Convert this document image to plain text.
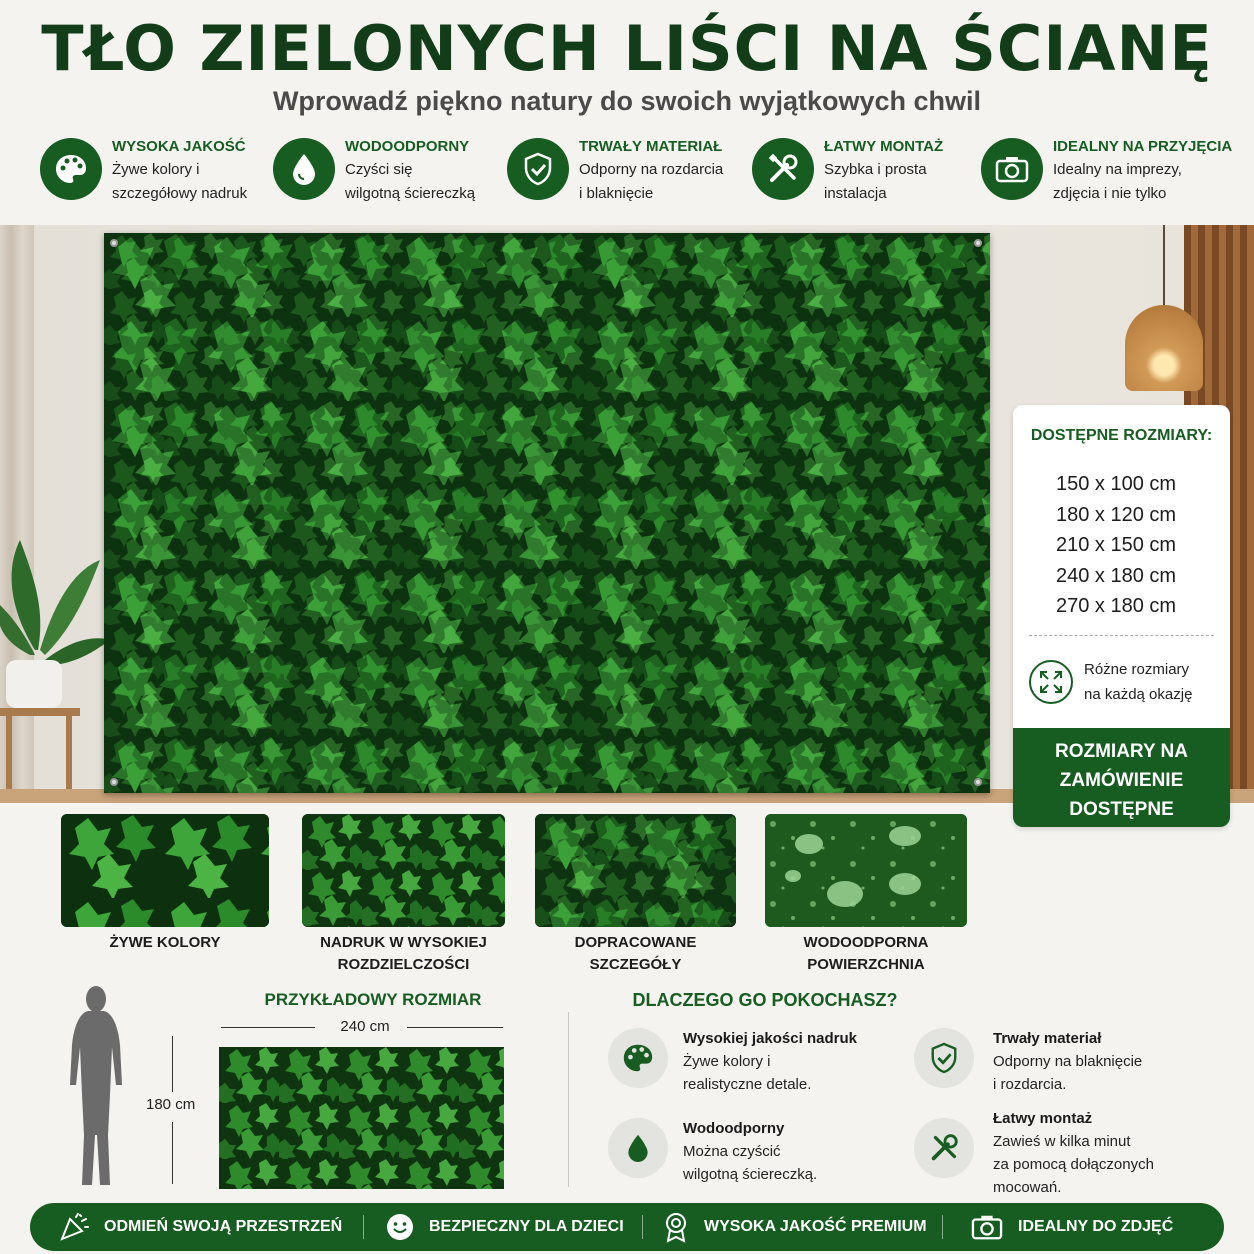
TŁO ZIELONYCH LIŚCI NA ŚCIANĘ
Wprowadź piękno natury do swoich wyjątkowych chwil
WYSOKA JAKOŚĆ
Żywe kolory i
szczegółowy nadruk
WODOODPORNY
Czyści się
wilgotną ściereczką
TRWAŁY MATERIAŁ
Odporny na rozdarcia
i blaknięcie
ŁATWY MONTAŻ
Szybka i prosta
instalacja
IDEALNY NA PRZYJĘCIA
Idealny na imprezy,
zdjęcia i nie tylko
DOSTĘPNE ROZMIARY:
150 x 100 cm
180 x 120 cm
210 x 150 cm
240 x 180 cm
270 x 180 cm
Różne rozmiary
na każdą okazję
ROZMIARY NA
ZAMÓWIENIE
DOSTĘPNE
ŻYWE KOLORY	NADRUK W WYSOKIEJ
ROZDZIELCZOŚCI
DOPRACOWANE
SZCZEGÓŁY
WODOODPORNA
POWIERZCHNIA
PRZYKŁADOWY ROZMIAR
240 cm
180 cm
DLACZEGO GO POKOCHASZ?
Wysokiej jakości nadruk
Żywe kolory i
realistyczne detale.
Trwały materiał
Odporny na blaknięcie
i rozdarcia.
Wodoodporny
Można czyścić
wilgotną ściereczką.
Łatwy montaż
Zawieś w kilka minut
za pomocą dołączonych
mocowań.
ODMIEŃ SWOJĄ PRZESTRZEŃ	BEZPIECZNY DLA DZIECI	WYSOKA JAKOŚĆ PREMIUM	IDEALNY DO ZDJĘĆ
